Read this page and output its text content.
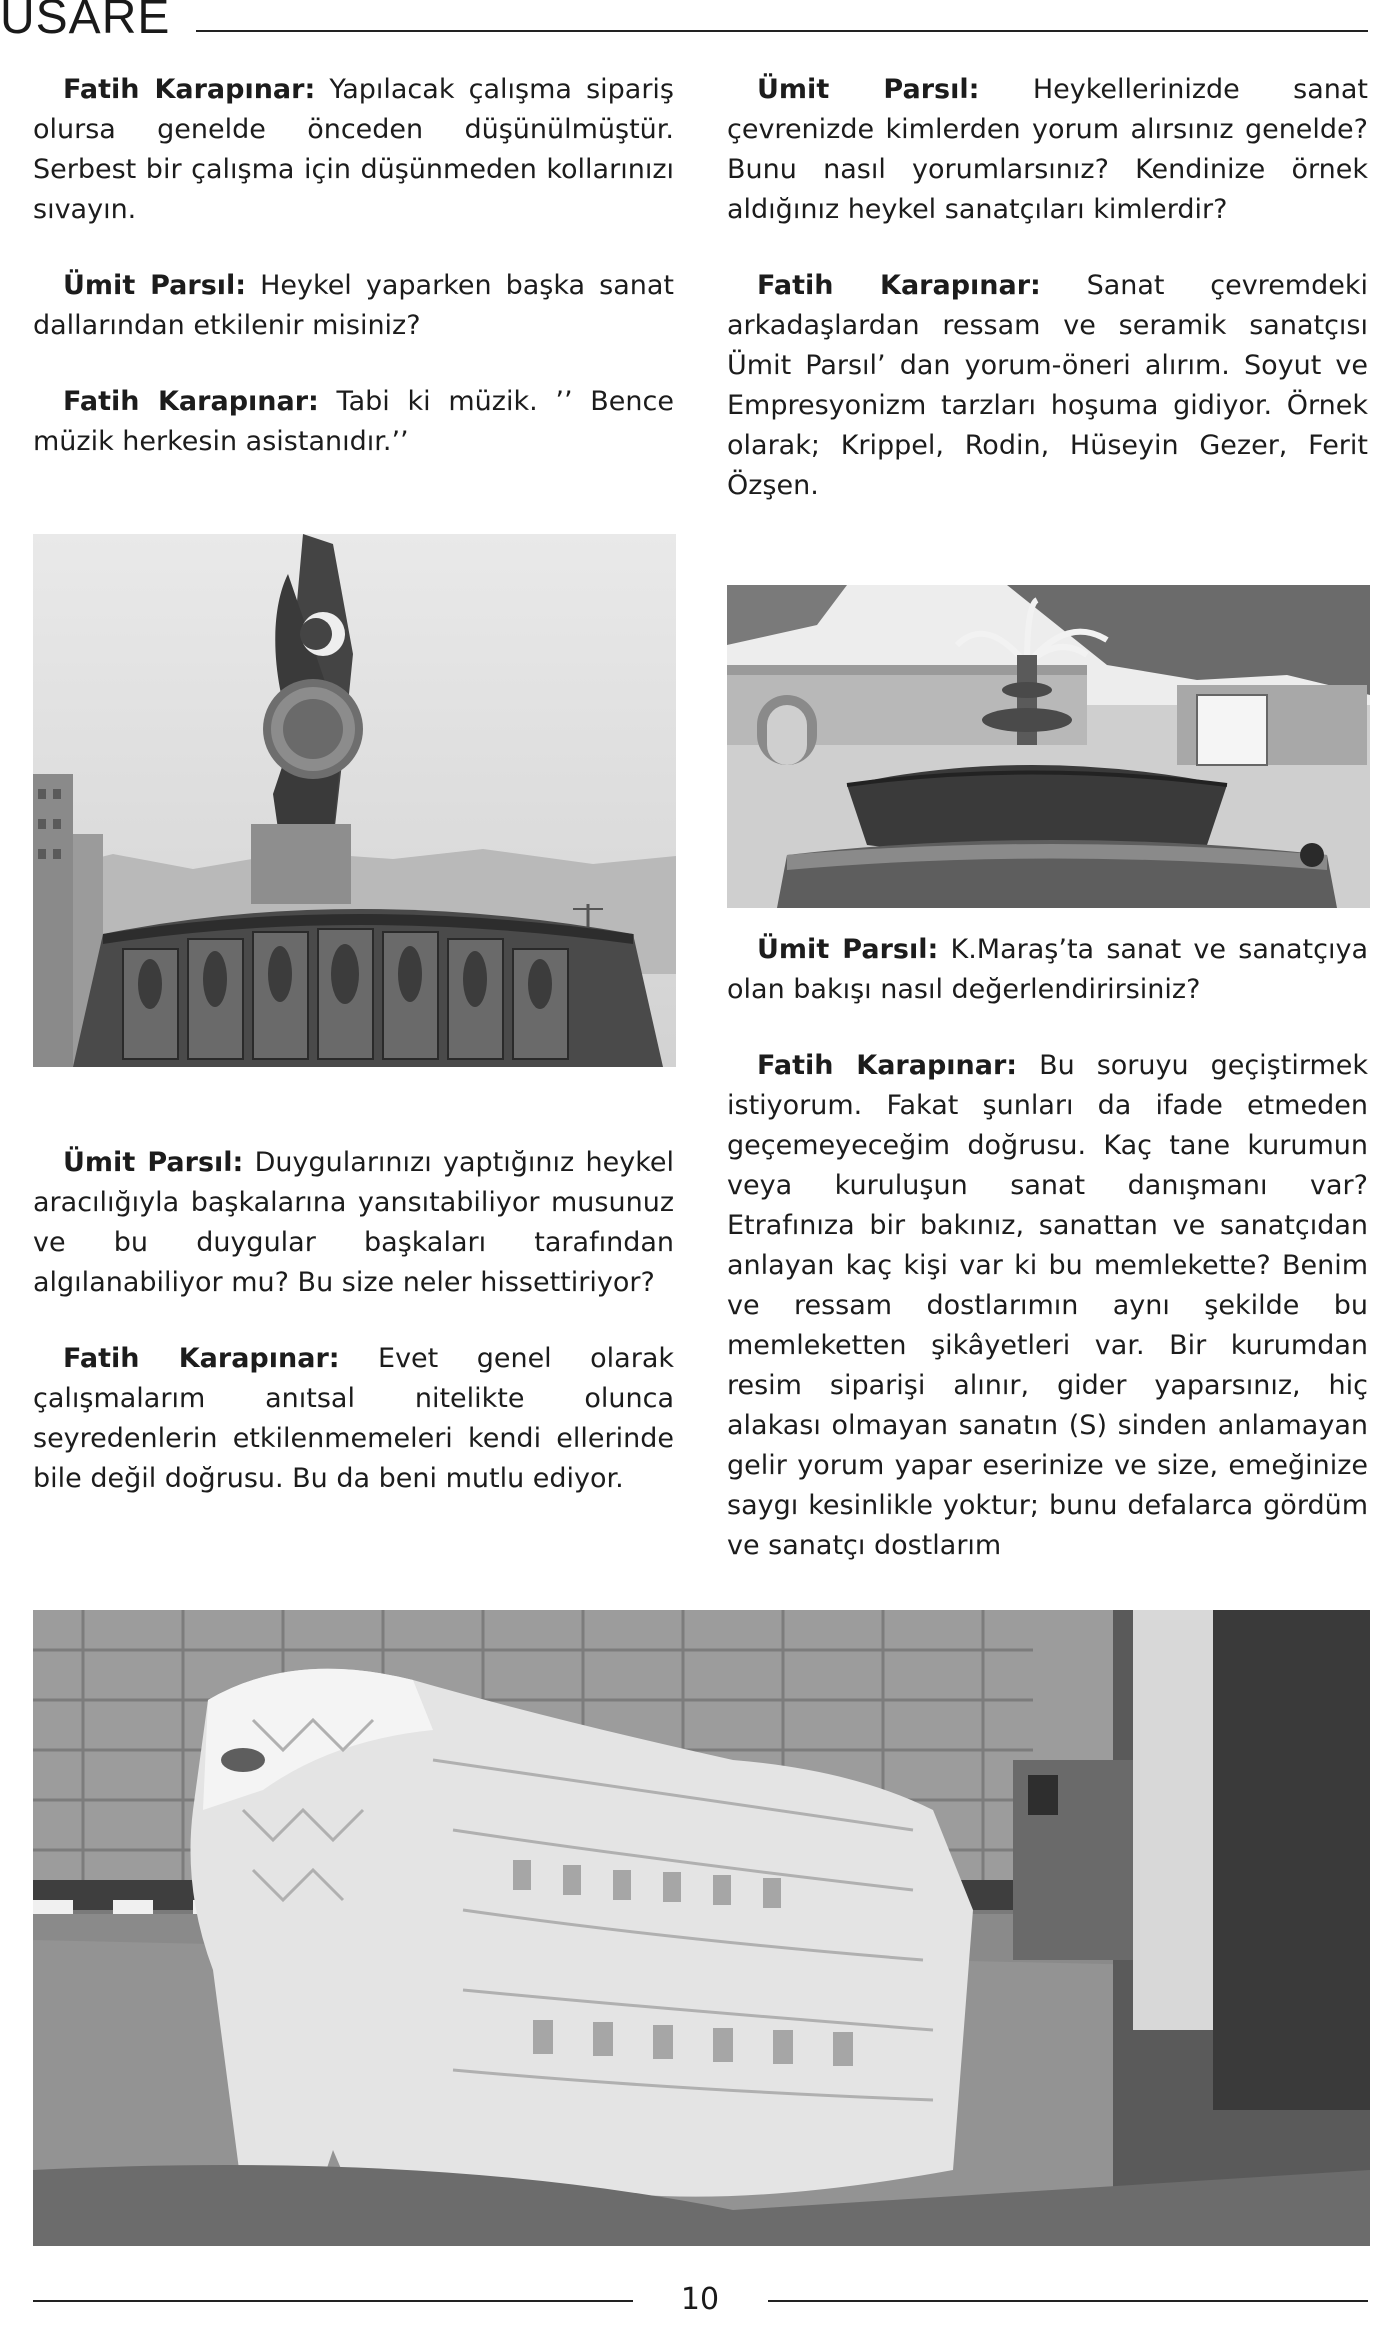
USARE

Fatih Karapınar: Yapılacak çalışma sipariş olursa genelde önceden düşünülmüştür. Serbest bir çalışma için düşünmeden kollarınızı sıvayın.

Ümit Parsıl: Heykel yaparken başka sanat dallarından etkilenir misiniz?

Fatih Karapınar: Tabi ki müzik. ’’ Bence müzik herkesin asistanıdır.’’

Ümit Parsıl: Heykellerinizde sanat çevrenizde kimlerden yorum alırsınız genelde? Bunu nasıl yorumlarsınız? Kendinize örnek aldığınız heykel sanatçıları kimlerdir?

Fatih Karapınar: Sanat çevremdeki arkadaşlardan ressam ve seramik sanatçısı Ümit Parsıl’ dan yorum-öneri alırım. Soyut ve Empresyonizm tarzları hoşuma gidiyor. Örnek olarak; Krippel, Rodin, Hüseyin Gezer, Ferit Özşen.

Ümit Parsıl: K.Maraş’ta sanat ve sanatçıya olan bakışı nasıl değerlendirirsiniz?

Fatih Karapınar: Bu soruyu geçiştirmek istiyorum. Fakat şunları da ifade etmeden geçemeyeceğim doğrusu. Kaç tane kurumun veya kuruluşun sanat danışmanı var? Etrafınıza bir bakınız, sanattan ve sanatçıdan anlayan kaç kişi var ki bu memlekette? Benim ve ressam dostlarımın aynı şekilde bu memleketten şikâyetleri var. Bir kurumdan resim siparişi alınır, gider yaparsınız, hiç alakası olmayan sanatın (S) sinden anlamayan gelir yorum yapar eserinize ve size, emeğinize saygı kesinlikle yoktur; bunu defalarca gördüm ve sanatçı dostlarım

Ümit Parsıl: Duygularınızı yaptığınız heykel aracılığıyla başkalarına yansıtabiliyor musunuz ve bu duygular başkaları tarafından algılanabiliyor mu? Bu size neler hissettiriyor?

Fatih Karapınar: Evet genel olarak çalışmalarım anıtsal nitelikte olunca seyredenlerin etkilenmemeleri kendi ellerinde bile değil doğrusu. Bu da beni mutlu ediyor.

10
